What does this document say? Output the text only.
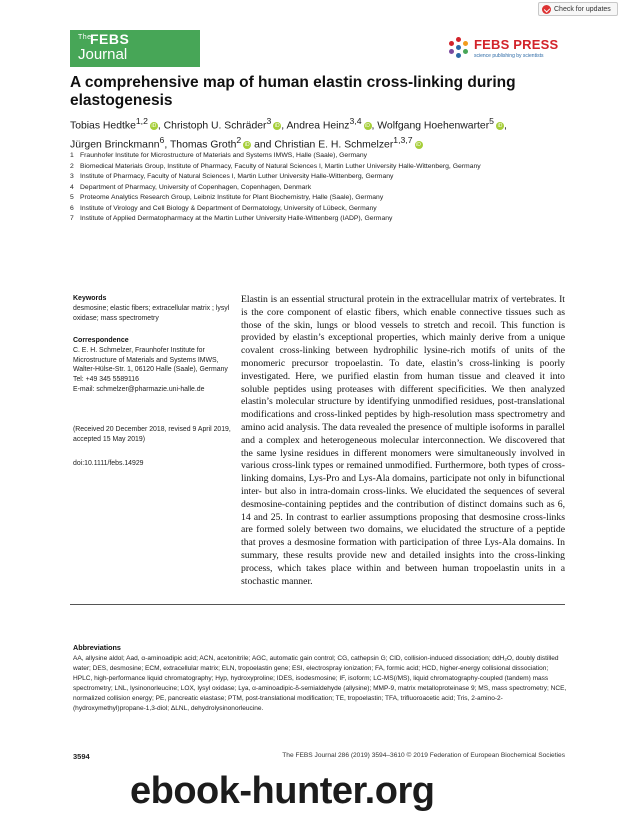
Check for updates
The
FEBS
Journal
FEBS PRESS
science publishing by scientists
A comprehensive map of human elastin cross-linking during elastogenesis
Tobias Hedtke$^{1,2}$ iD , Christoph U. Schräder$^3$ iD , Andrea Heinz$^{3,4}$ iD , Wolfgang Hoehenwarter$^5$ iD ,
Jürgen Brinckmann$^6$, Thomas Groth$^2$ iD and Christian E. H. Schmelzer$^{1,3,7}$ iD
1 Fraunhofer Institute for Microstructure of Materials and Systems IMWS, Halle (Saale), Germany
2 Biomedical Materials Group, Institute of Pharmacy, Faculty of Natural Sciences I, Martin Luther University Halle-Wittenberg, Germany
3 Institute of Pharmacy, Faculty of Natural Sciences I, Martin Luther University Halle-Wittenberg, Germany
4 Department of Pharmacy, University of Copenhagen, Copenhagen, Denmark
5 Proteome Analytics Research Group, Leibniz Institute for Plant Biochemistry, Halle (Saale), Germany
6 Institute of Virology and Cell Biology & Department of Dermatology, University of Lübeck, Germany
7 Institute of Applied Dermatopharmacy at the Martin Luther University Halle-Wittenberg (IADP), Germany
Keywords
desmosine; elastic fibers; extracellular matrix ; lysyl oxidase; mass spectrometry
Correspondence
C. E. H. Schmelzer, Fraunhofer Institute for Microstructure of Materials and Systems IMWS, Walter-Hülse-Str. 1, 06120 Halle (Saale), Germany
Tel: +49 345 5589116
E-mail: schmelzer@pharmazie.uni-halle.de
(Received 20 December 2018, revised 9 April 2019, accepted 15 May 2019)
doi:10.1111/febs.14929

Elastin is an essential structural protein in the extracellular matrix of vertebrates. It is the core component of elastic fibers, which enable connective tissues such as those of the skin, lungs or blood vessels to stretch and recoil. This function is provided by elastin’s exceptional properties, which mainly derive from a unique covalent cross-linking between hydrophilic lysine-rich motifs of units of the monomeric precursor tropoelastin. To date, elastin’s cross-linking is poorly investigated. Here, we purified elastin from human tissue and cleaved it into soluble peptides using proteases with different specificities. We then analyzed elastin’s molecular structure by identifying unmodified residues, post-translational modifications and cross-linked peptides by high-resolution mass spectrometry and amino acid analysis. The data revealed the presence of multiple isoforms in parallel and a complex and heterogeneous molecular interconnection. We discovered that the same lysine residues in different monomers were simultaneously involved in various cross-link types or remained unmodified. Furthermore, both types of cross-linking domains, Lys-Pro and Lys-Ala domains, participate not only in bifunctional inter- but also in intra-domain cross-links. We elucidated the sequences of several desmosine-containing peptides and the contribution of distinct domains such as 6, 14 and 25. In contrast to earlier assumptions proposing that desmosine cross-links are formed solely between two domains, we elucidated the structure of a peptide that proves a desmosine formation with participation of three Lys-Ala domains. In summary, these results provide new and detailed insights into the cross-linking process, which takes place within and between human tropoelastin units in a stochastic manner.

Abbreviations

AA, allysine aldol; Aad, α-aminoadipic acid; ACN, acetonitrile; AGC, automatic gain control; CG, cathepsin G; CID, collision-induced dissociation; ddH₂O, doubly distilled water; DES, desmosine; ECM, extracellular matrix; ELN, tropoelastin gene; ESI, electrospray ionization; FA, formic acid; HCD, higher-energy collisional dissociation; HPLC, high-performance liquid chromatography; Hyp, hydroxyproline; IDES, isodesmosine; IF, isoform; LC-MS(/MS), liquid chromatography-coupled (tandem) mass spectrometry; LNL, lysinonorleucine; LOX, lysyl oxidase; Lya, α-aminoadipic-δ-semialdehyde (allysine); MMP-9, matrix metalloproteinase 9; MS, mass spectrometry; NCE, normalized collision energy; PE, pancreatic elastase; PTM, post-translational modification; TE, tropoelastin; TFA, trifluoroacetic acid; Tris, 2-amino-2-(hydroxymethyl)propane-1,3-diol; ΔLNL, dehydrolysinonorleucine.

3594	The FEBS Journal 286 (2019) 3594–3610 © 2019 Federation of European Biochemical Societies
ebook-hunter.org
